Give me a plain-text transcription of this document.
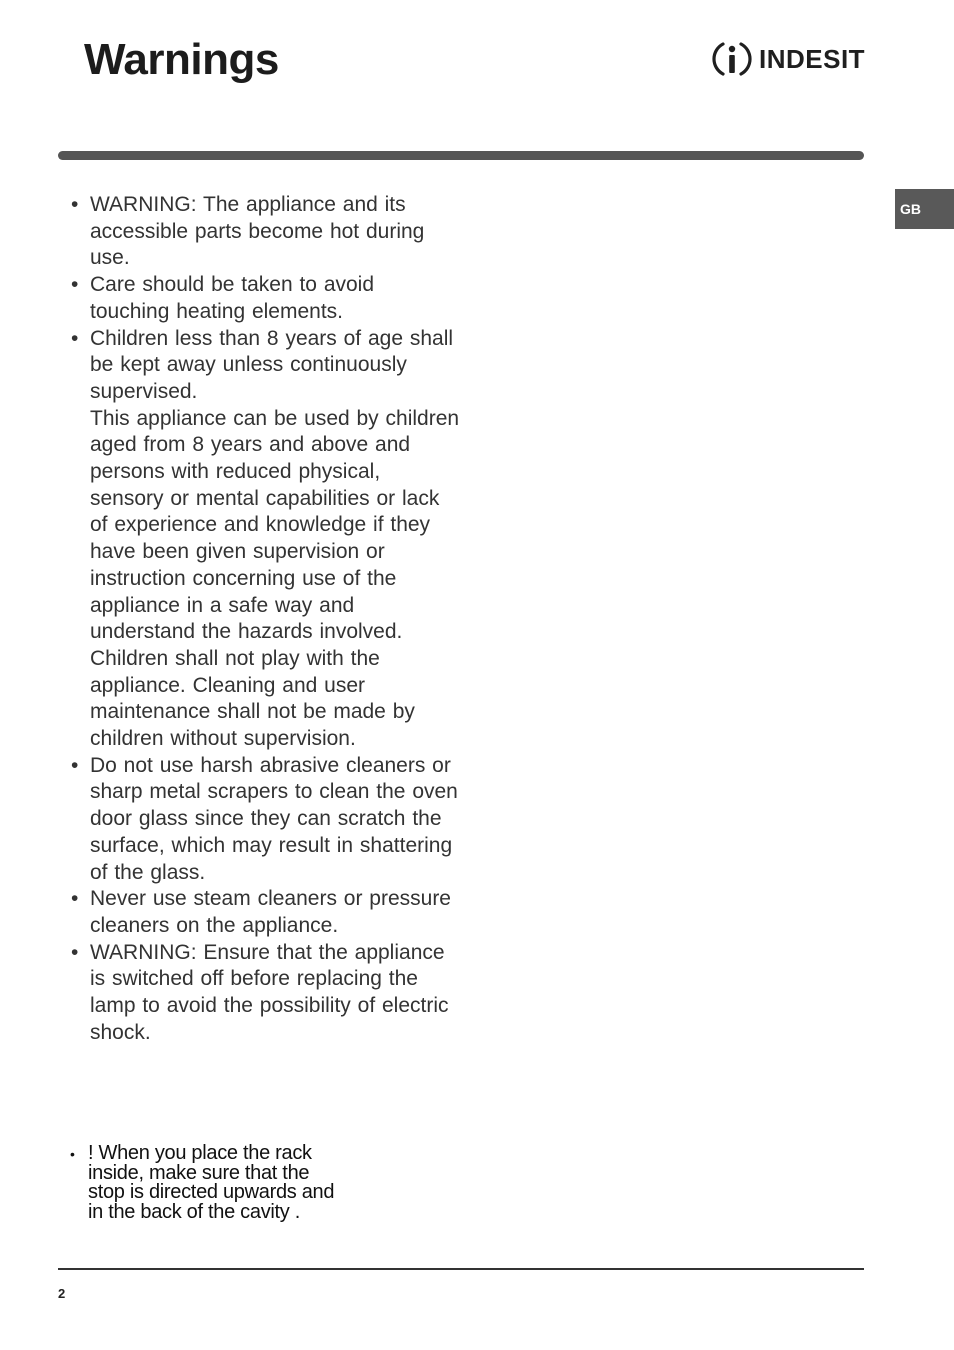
Warnings	INDESIT
GB
• WARNING: The appliance and its accessible parts become hot during use.

• Care should be taken to avoid touching heating elements.

• Children less than 8 years of age shall be kept away unless continuously supervised.

This appliance can be used by children aged from 8 years and above and persons with reduced physical, sensory or mental capabilities or lack of experience and knowledge if they have been given supervision or instruction concerning use of the appliance in a safe way and understand the hazards involved. Children shall not play with the appliance. Cleaning and user maintenance shall not be made by children without supervision.

• Do not use harsh abrasive cleaners or sharp metal scrapers to clean the oven door glass since they can scratch the surface, which may result in shattering of the glass.

• Never use steam cleaners or pressure cleaners on the appliance.

• WARNING: Ensure that the appliance is switched off before replacing the lamp to avoid the possibility of electric shock.

• ! When you place the rack
inside, make sure that the
stop is directed upwards and
in the back of the cavity .
2
